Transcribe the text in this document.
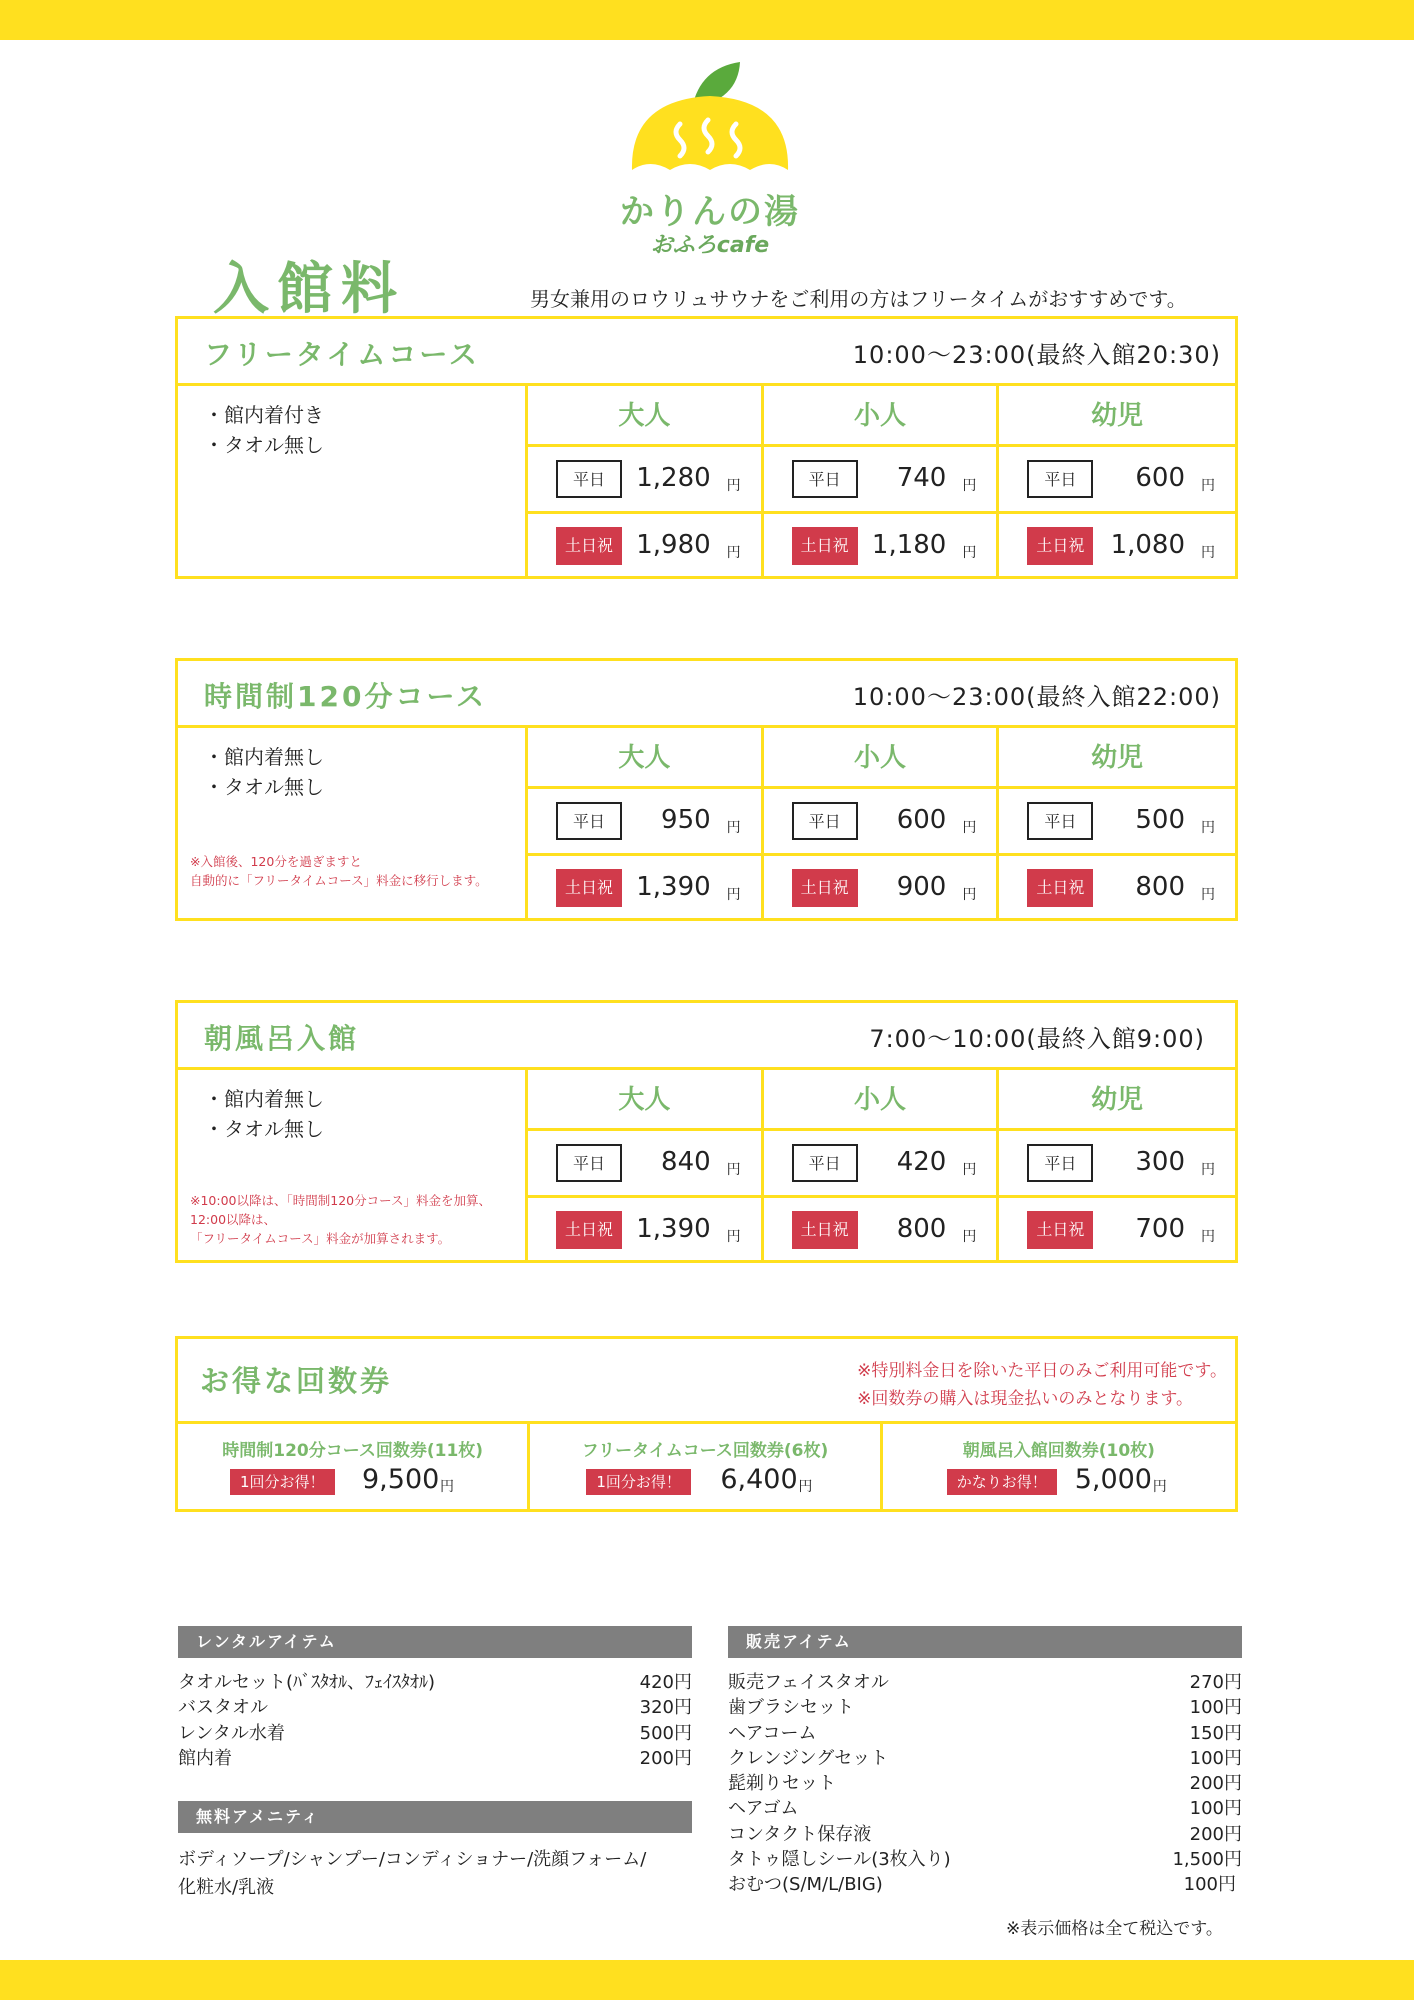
かりんの湯
おふろcafe
入館料	男女兼用のロウリュサウナをご利用の方はフリータイムがおすすめです。
フリータイムコース	10:00～23:00(最終入館20:30)
・館内着付き
・タオル無し
大人
平日	1,280 円
土日祝 1,980 円
小人
平日	740 円
土日祝 1,180 円
幼児
平日	600 円
土日祝	1,080 円
時間制120分コース	10:00～23:00(最終入館22:00)
・館内着無し
・タオル無し
※入館後、120分を過ぎますと
自動的に「フリータイムコース」料金に移行します。
大人
平日	950 円
土日祝 1,390 円
小人
平日	600 円
土日祝	900 円
幼児
平日	500 円
土日祝	800 円
朝風呂入館	7:00～10:00(最終入館9:00)
・館内着無し
・タオル無し
※10:00以降は、「時間制120分コース」料金を加算、
12:00以降は、
「フリータイムコース」料金が加算されます。
大人
平日	840 円
土日祝 1,390 円
小人
平日	420 円
土日祝	800 円
幼児
平日	300 円
土日祝	700 円
お得な回数券	※特別料金日を除いた平日のみご利用可能です。
※回数券の購入は現金払いのみとなります。
時間制120分コース回数券(11枚)
1回分お得！	9,500 円
フリータイムコース回数券(6枚)
1回分お得！	6,400 円
朝風呂入館回数券(10枚)
かなりお得！	5,000 円
レンタルアイテム
タオルセット(ﾊﾞｽﾀｵﾙ、ﾌｪｲｽﾀｵﾙ)	420円
バスタオル	320円
レンタル水着	500円
館内着	200円
無料アメニティ
ボディソープ/シャンプー/コンディショナー/洗顔フォーム/
化粧水/乳液
販売アイテム
販売フェイスタオル	270円
歯ブラシセット	100円
ヘアコーム	150円
クレンジングセット	100円
髭剃りセット	200円
ヘアゴム	100円
コンタクト保存液	200円
タトゥ隠しシール(3枚入り)	1,500円
おむつ(S/M/L/BIG)	100円
※表示価格は全て税込です。
